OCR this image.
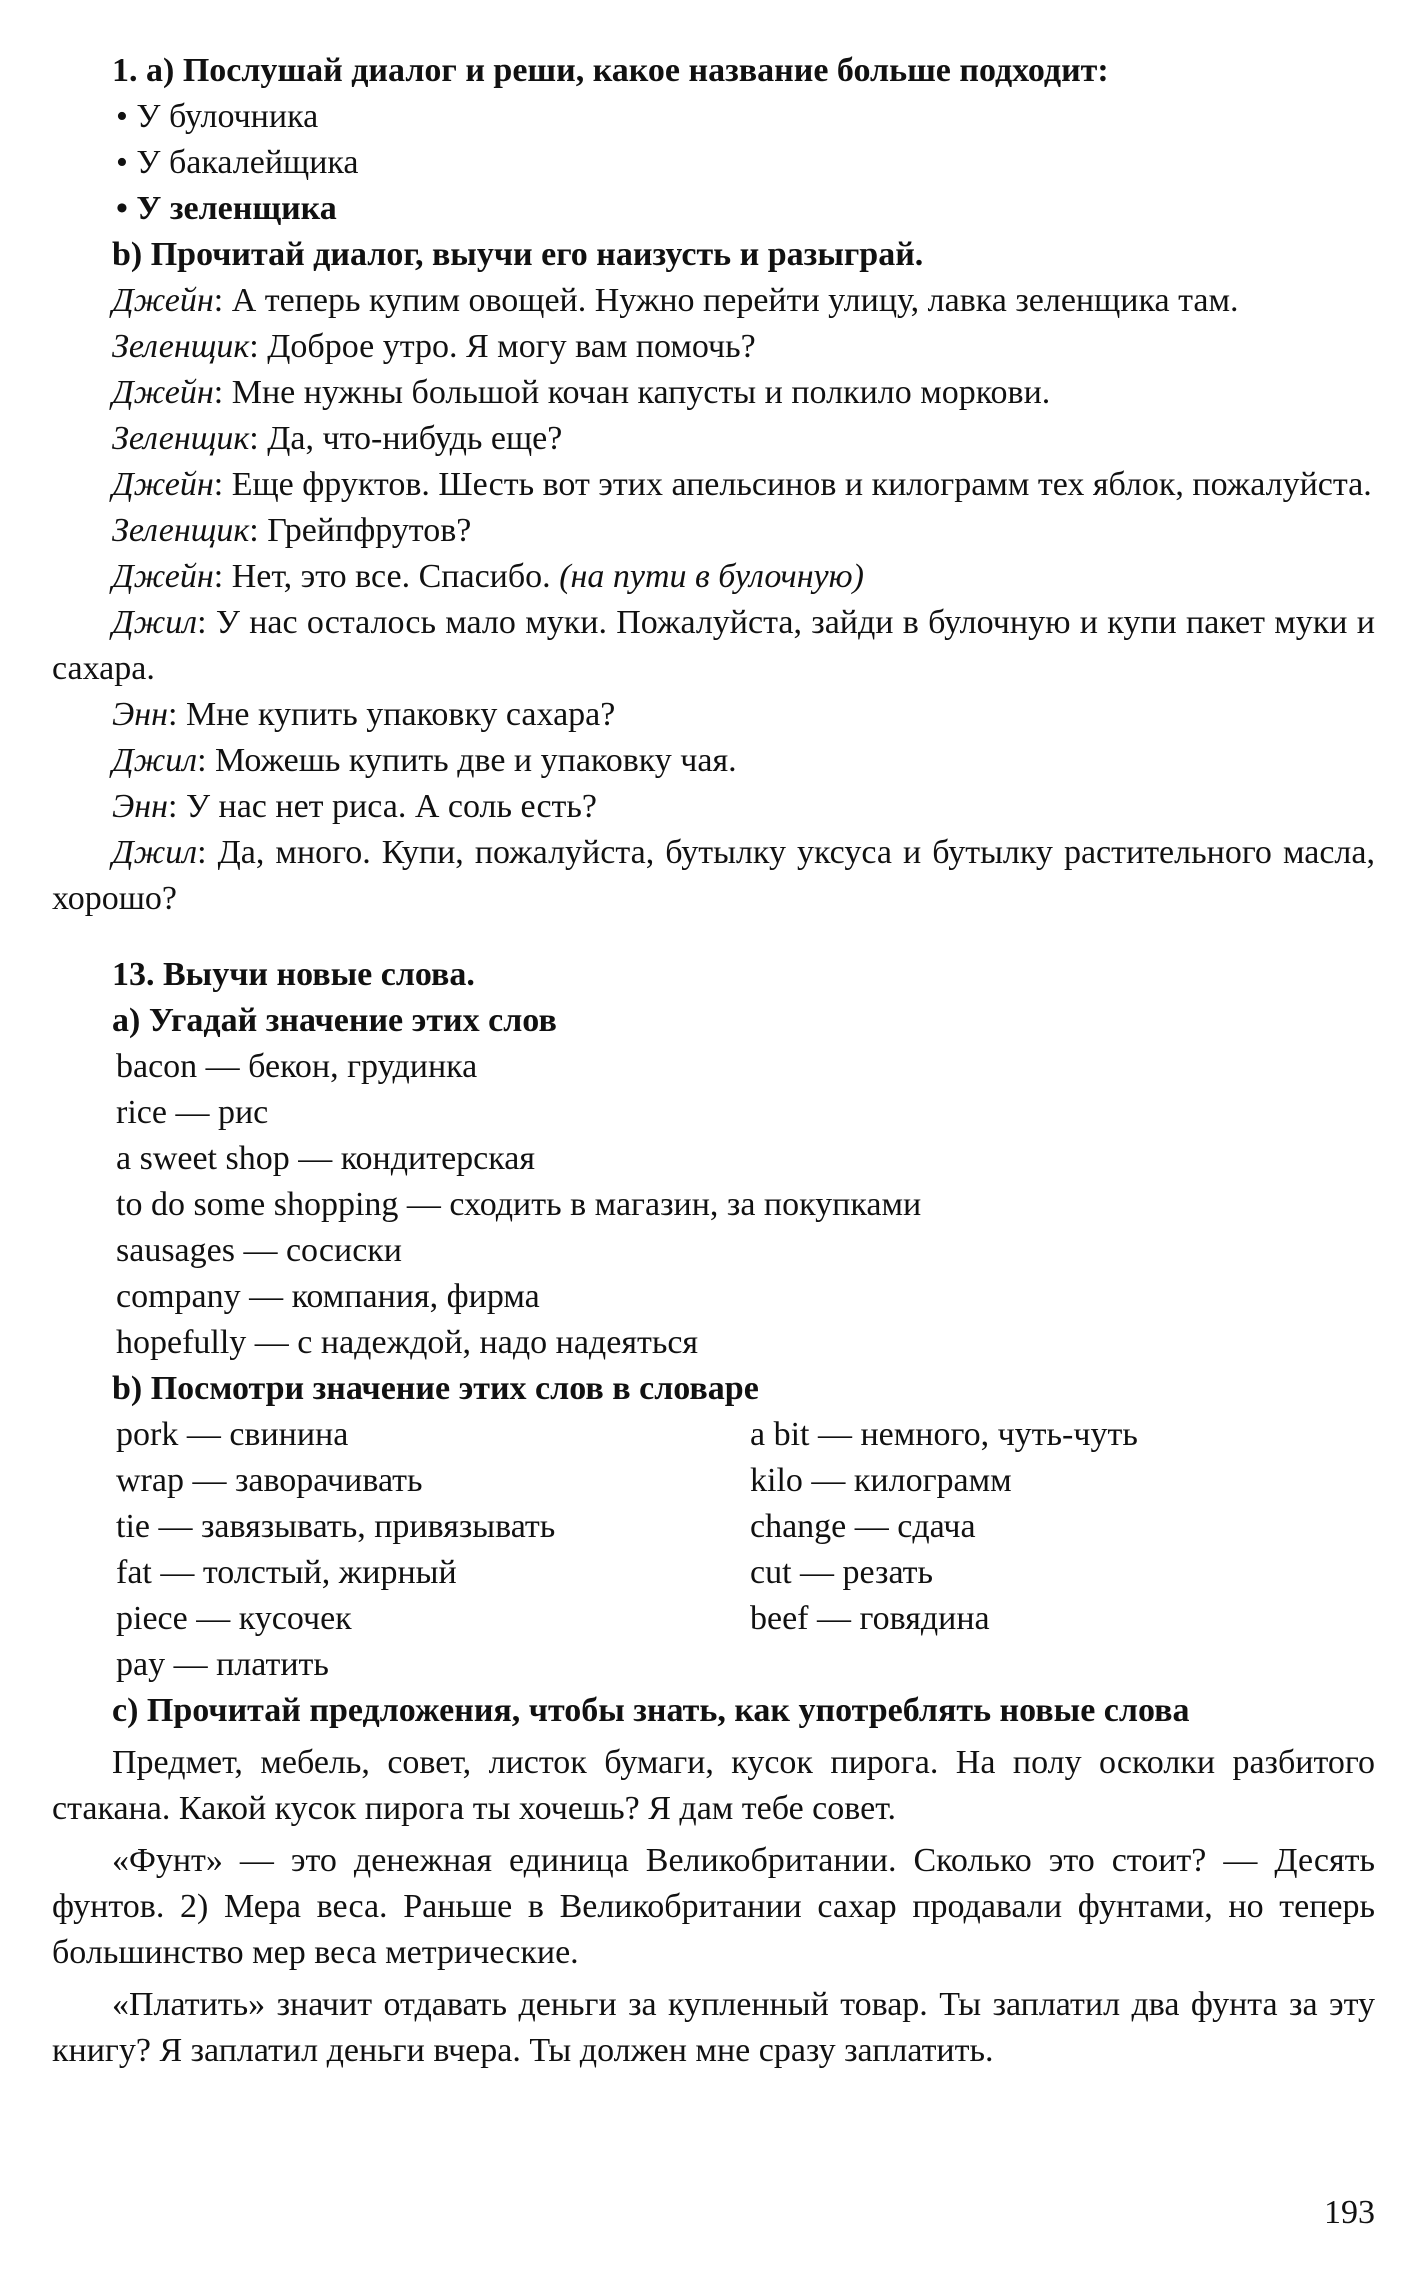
1. a) Послушай диалог и реши, какое название больше подходит:

• У булочника

• У бакалейщика

• У зеленщика

b) Прочитай диалог, выучи его наизусть и разыграй.

Джейн: А теперь купим овощей. Нужно перейти улицу, лавка зеленщика там.

Зеленщик: Доброе утро. Я могу вам помочь?

Джейн: Мне нужны большой кочан капусты и полкило моркови.

Зеленщик: Да, что-нибудь еще?

Джейн: Еще фруктов. Шесть вот этих апельсинов и килограмм тех яблок, пожалуйста.

Зеленщик: Грейпфрутов?

Джейн: Нет, это все. Спасибо. (на пути в булочную)

Джил: У нас осталось мало муки. Пожалуйста, зайди в булочную и купи пакет муки и сахара.

Энн: Мне купить упаковку сахара?

Джил: Можешь купить две и упаковку чая.

Энн: У нас нет риса. А соль есть?

Джил: Да, много. Купи, пожалуйста, бутылку уксуса и бутылку растительного масла, хорошо?

13. Выучи новые слова.

a) Угадай значение этих слов

bacon — бекон, грудинка

rice — рис

a sweet shop — кондитерская

to do some shopping — сходить в магазин, за покупками

sausages — сосиски

company — компания, фирма

hopefully — с надеждой, надо надеяться

b) Посмотри значение этих слов в словаре

pork — свинина	a bit — немного, чуть-чуть

wrap — заворачивать	kilo — килограмм

tie — завязывать, привязывать	change — сдача

fat — толстый, жирный	cut — резать

piece — кусочек	beef — говядина

pay — платить

c) Прочитай предложения, чтобы знать, как употреблять новые слова

Предмет, мебель, совет, листок бумаги, кусок пирога. На полу осколки разбитого стакана. Какой кусок пирога ты хочешь? Я дам тебе совет.

«Фунт» — это денежная единица Великобритании. Сколько это стоит? — Десять фунтов. 2) Мера веса. Раньше в Великобритании сахар продавали фунтами, но теперь большинство мер веса метрические.

«Платить» значит отдавать деньги за купленный товар. Ты заплатил два фунта за эту книгу? Я заплатил деньги вчера. Ты должен мне сразу заплатить.

193
